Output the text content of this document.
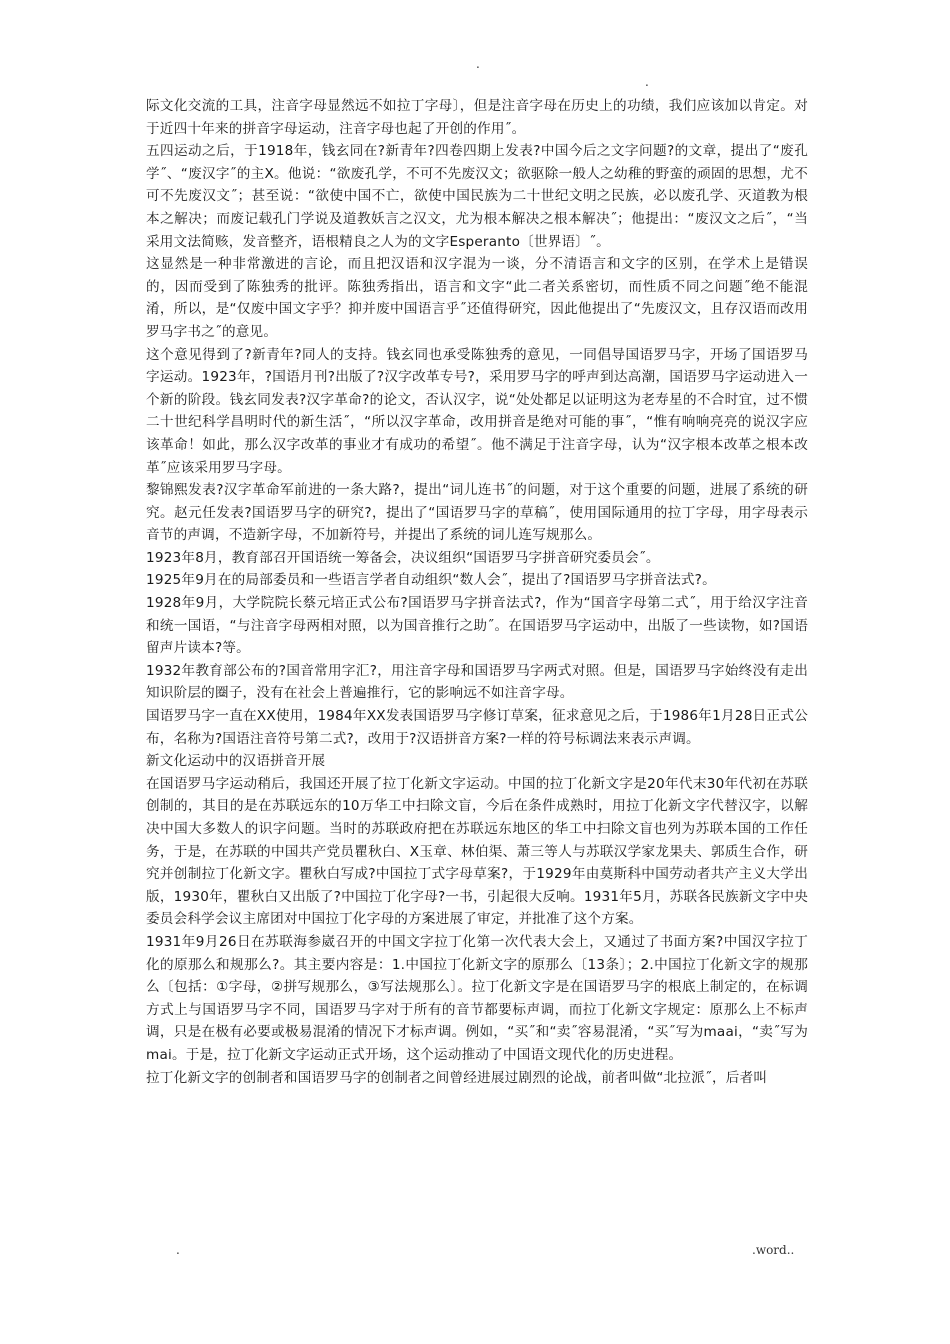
.
.

际文化交流的工具，注音字母显然远不如拉丁字母〕，但是注音字母在历史上的功绩，我们应该加以肯定。对于近四十年来的拼音字母运动，注音字母也起了开创的作用˝。

五四运动之后，于1918年，钱玄同在?新青年?四卷四期上发表?中国今后之文字问题?的文章，提出了“废孔学˝、“废汉字˝的主X。他说：“欲废孔学，不可不先废汉文；欲驱除一般人之幼稚的野蛮的顽固的思想，尤不可不先废汉文˝；甚至说：“欲使中国不亡，欲使中国民族为二十世纪文明之民族，必以废孔学、灭道教为根本之解决；而废记载孔门学说及道教妖言之汉文，尤为根本解决之根本解决˝；他提出：“废汉文之后˝，“当采用文法简赅，发音整齐，语根精良之人为的文字Esperanto〔世界语〕˝。

这显然是一种非常激进的言论，而且把汉语和汉字混为一谈，分不清语言和文字的区别，在学术上是错误的，因而受到了陈独秀的批评。陈独秀指出，语言和文字“此二者关系密切，而性质不同之问题˝绝不能混淆，所以，是“仅废中国文字乎？抑并废中国语言乎˝还值得研究，因此他提出了“先废汉文，且存汉语而改用罗马字书之˝的意见。

这个意见得到了?新青年?同人的支持。钱玄同也承受陈独秀的意见，一同倡导国语罗马字，开场了国语罗马字运动。1923年，?国语月刊?出版了?汉字改革专号?，采用罗马字的呼声到达高潮，国语罗马字运动进入一个新的阶段。钱玄同发表?汉字革命?的论文，否认汉字，说“处处都足以证明这为老寿星的不合时宜，过不惯二十世纪科学昌明时代的新生活˝，“所以汉字革命，改用拼音是绝对可能的事˝，“惟有响响亮亮的说汉字应该革命！如此，那么汉字改革的事业才有成功的希望˝。他不满足于注音字母，认为“汉字根本改革之根本改革˝应该采用罗马字母。

黎锦熙发表?汉字革命军前进的一条大路?，提出“词儿连书˝的问题，对于这个重要的问题，进展了系统的研究。赵元任发表?国语罗马字的研究?，提出了“国语罗马字的草稿˝，使用国际通用的拉丁字母，用字母表示音节的声调，不造新字母，不加新符号，并提出了系统的词儿连写规那么。

1923年8月，教育部召开国语统一筹备会，决议组织“国语罗马字拼音研究委员会˝。

1925年9月在的局部委员和一些语言学者自动组织“数人会˝，提出了?国语罗马字拼音法式?。

1928年9月，大学院院长蔡元培正式公布?国语罗马字拼音法式?，作为“国音字母第二式˝，用于给汉字注音和统一国语，“与注音字母两相对照，以为国音推行之助˝。在国语罗马字运动中，出版了一些读物，如?国语留声片读本?等。

1932年教育部公布的?国音常用字汇?，用注音字母和国语罗马字两式对照。但是，国语罗马字始终没有走出知识阶层的圈子，没有在社会上普遍推行，它的影响远不如注音字母。

国语罗马字一直在XX使用，1984年XX发表国语罗马字修订草案，征求意见之后，于1986年1月28日正式公布，名称为?国语注音符号第二式?，改用于?汉语拼音方案?一样的符号标调法来表示声调。

新文化运动中的汉语拼音开展

在国语罗马字运动稍后，我国还开展了拉丁化新文字运动。中国的拉丁化新文字是20年代末30年代初在苏联创制的，其目的是在苏联远东的10万华工中扫除文盲，今后在条件成熟时，用拉丁化新文字代替汉字，以解决中国大多数人的识字问题。当时的苏联政府把在苏联远东地区的华工中扫除文盲也列为苏联本国的工作任务，于是，在苏联的中国共产党员瞿秋白、X玉章、林伯渠、萧三等人与苏联汉学家龙果夫、郭质生合作，研究并创制拉丁化新文字。瞿秋白写成?中国拉丁式字母草案?，于1929年由莫斯科中国劳动者共产主义大学出版，1930年，瞿秋白又出版了?中国拉丁化字母?一书，引起很大反响。1931年5月，苏联各民族新文字中央委员会科学会议主席团对中国拉丁化字母的方案进展了审定，并批准了这个方案。

1931年9月26日在苏联海参崴召开的中国文字拉丁化第一次代表大会上，又通过了书面方案?中国汉字拉丁化的原那么和规那么?。其主要内容是：1.中国拉丁化新文字的原那么〔13条〕；2.中国拉丁化新文字的规那么〔包括：①字母，②拼写规那么，③写法规那么〕。拉丁化新文字是在国语罗马字的根底上制定的，在标调方式上与国语罗马字不同，国语罗马字对于所有的音节都要标声调，而拉丁化新文字规定：原那么上不标声调，只是在极有必要或极易混淆的情况下才标声调。例如，“买˝和“卖˝容易混淆，“买˝写为maai，“卖˝写为mai。于是，拉丁化新文字运动正式开场，这个运动推动了中国语文现代化的历史进程。

拉丁化新文字的创制者和国语罗马字的创制者之间曾经进展过剧烈的论战，前者叫做“北拉派˝，后者叫

.	.word..
